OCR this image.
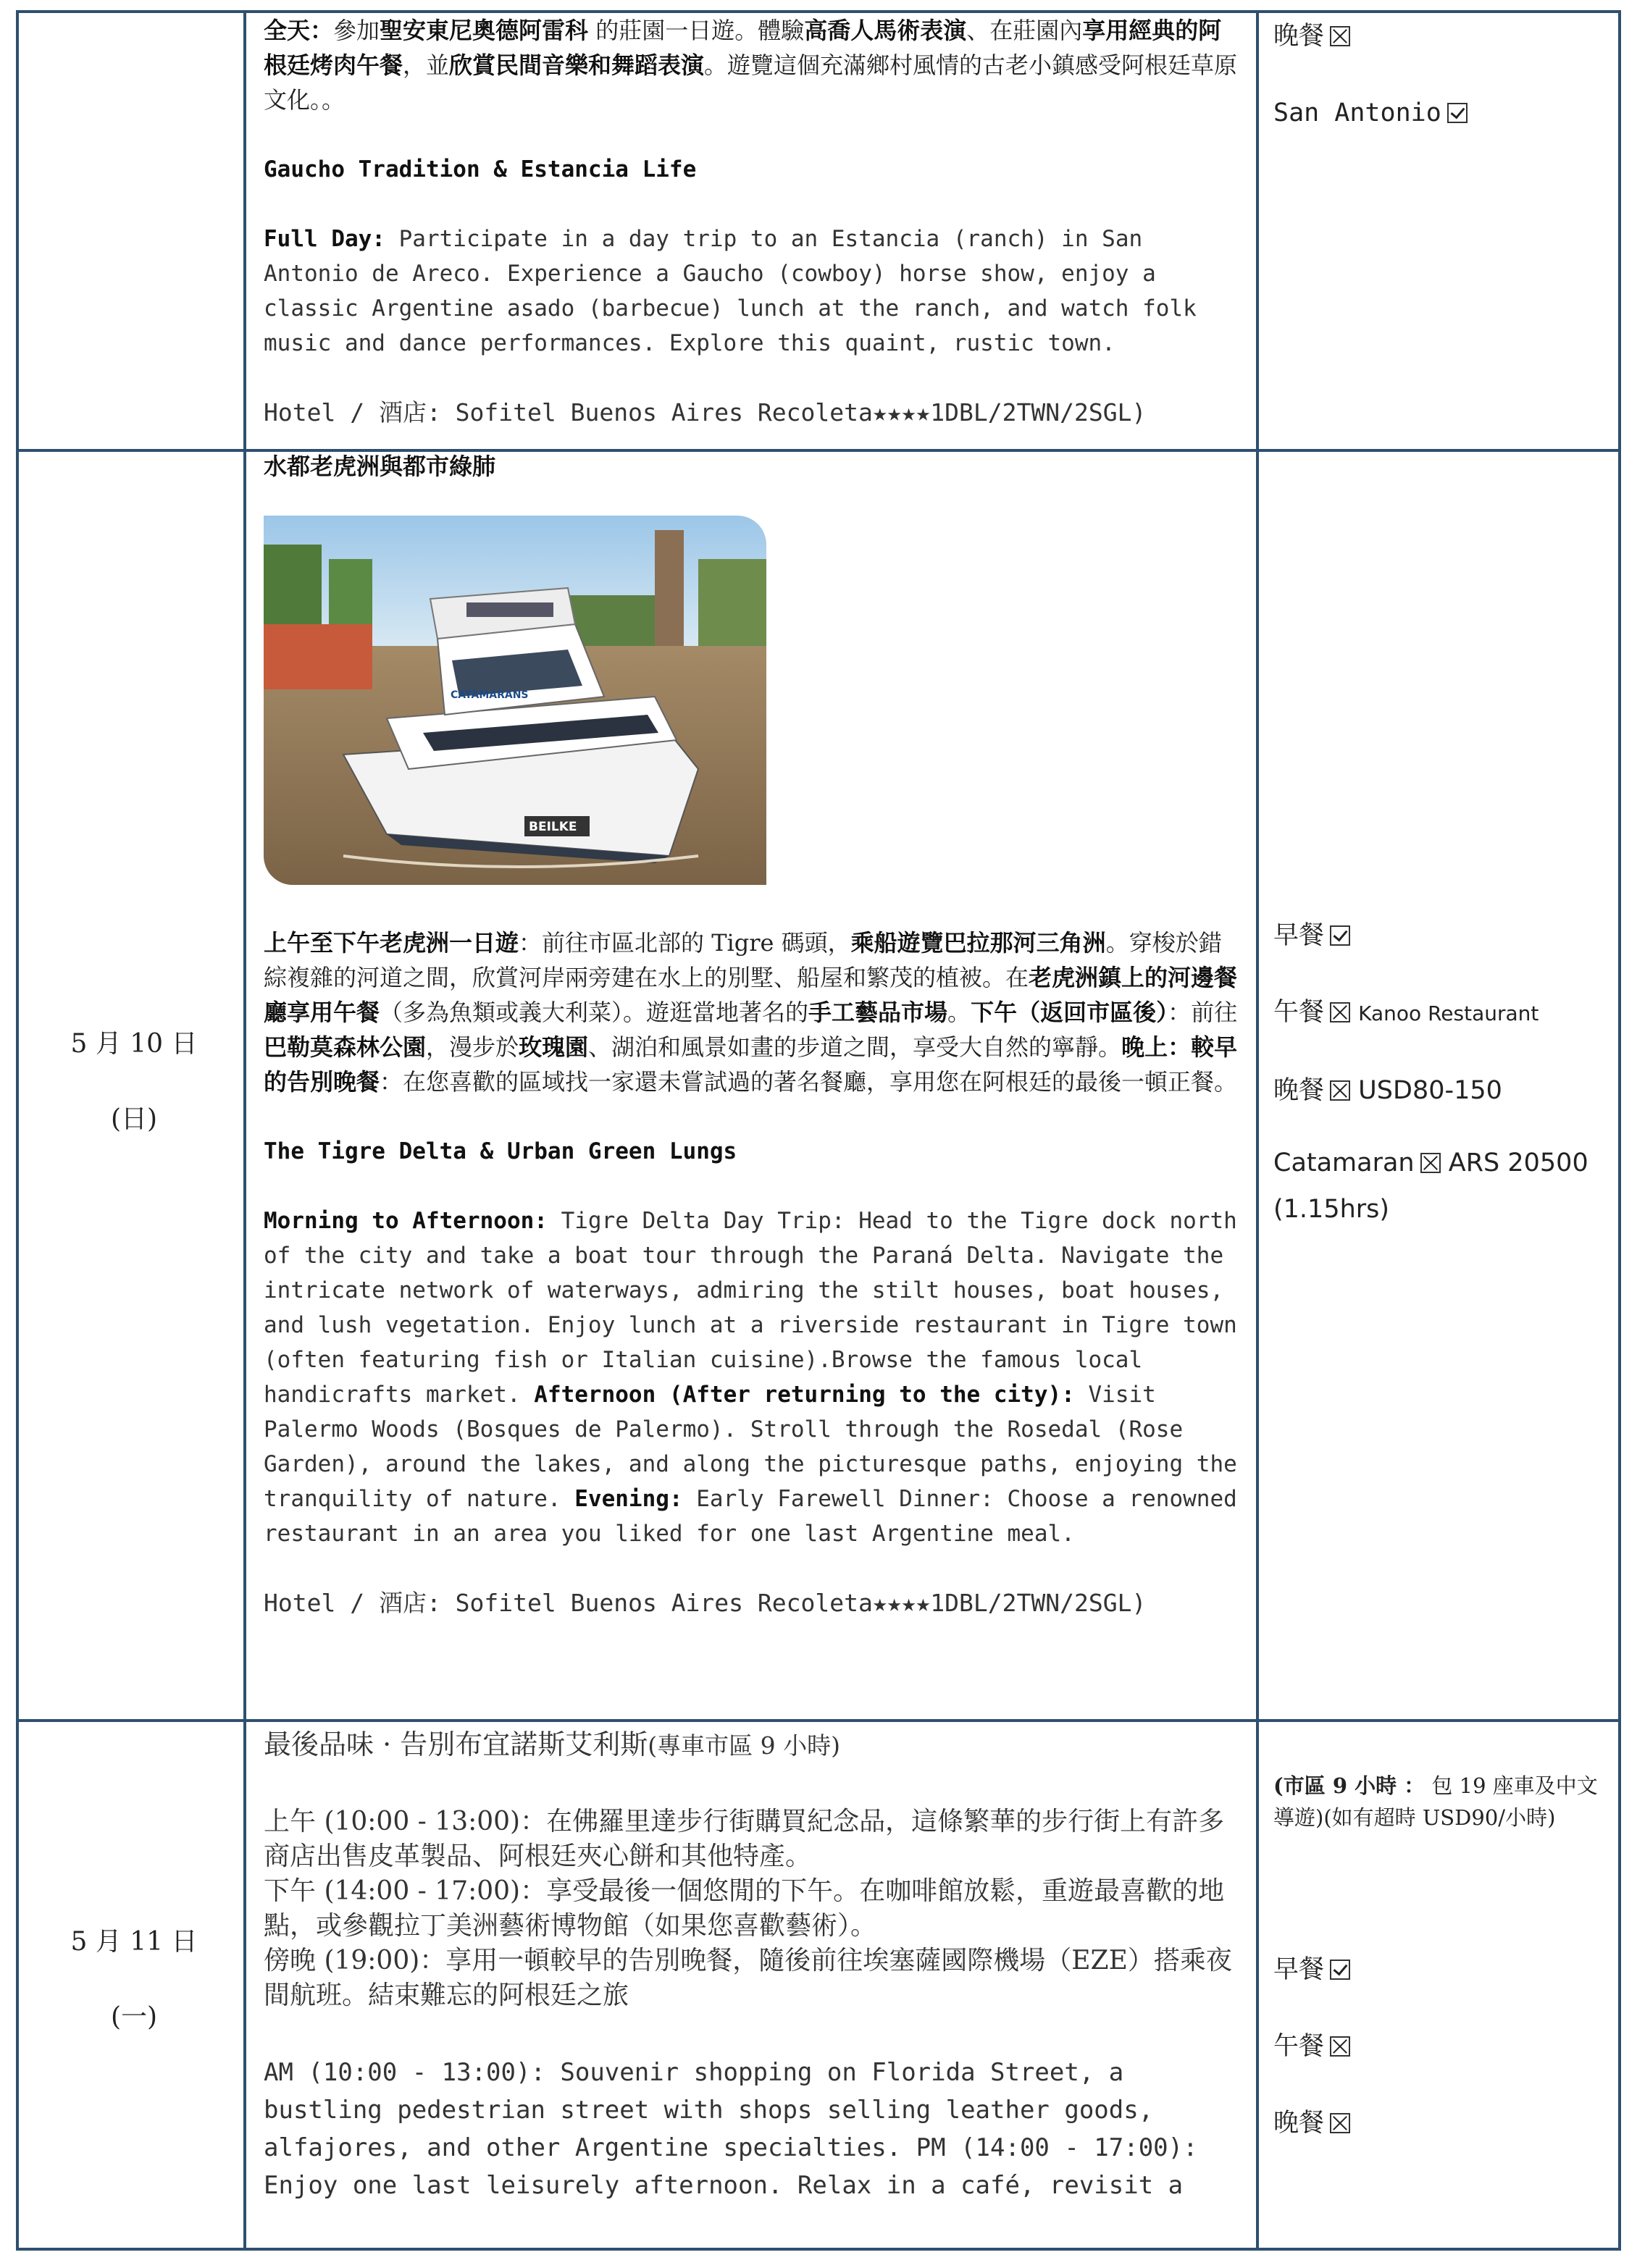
全天：參加聖安東尼奧德阿雷科 的莊園一日遊。體驗高喬人馬術表演、在莊園內享用經典的阿根廷烤肉午餐，並欣賞民間音樂和舞蹈表演。遊覽這個充滿鄉村風情的古老小鎮感受阿根廷草原文化。。

Gaucho Tradition & Estancia Life

Full Day: Participate in a day trip to an Estancia (ranch) in San Antonio de Areco. Experience a Gaucho (cowboy) horse show, enjoy a classic Argentine asado (barbecue) lunch at the ranch, and watch folk music and dance performances. Explore this quaint, rustic town.

Hotel / 酒店: Sofitel Buenos Aires Recoleta★★★★1DBL/2TWN/2SGL)

晚餐

San Antonio

5 月 10 日
(日)

水都老虎洲與都市綠肺

CATAMARANS
BEILKE

上午至下午老虎洲一日遊：前往市區北部的 Tigre 碼頭，乘船遊覽巴拉那河三角洲。穿梭於錯綜複雜的河道之間，欣賞河岸兩旁建在水上的別墅、船屋和繁茂的植被。在老虎洲鎮上的河邊餐廳享用午餐（多為魚類或義大利菜）。遊逛當地著名的手工藝品市場。下午（返回市區後）：前往巴勒莫森林公園，漫步於玫瑰園、湖泊和風景如畫的步道之間，享受大自然的寧靜。晚上：較早的告別晚餐：在您喜歡的區域找一家還未嘗試過的著名餐廳，享用您在阿根廷的最後一頓正餐。

The Tigre Delta & Urban Green Lungs

Morning to Afternoon: Tigre Delta Day Trip: Head to the Tigre dock north of the city and take a boat tour through the Paraná Delta. Navigate the intricate network of waterways, admiring the stilt houses, boat houses, and lush vegetation. Enjoy lunch at a riverside restaurant in Tigre town (often featuring fish or Italian cuisine).Browse the famous local handicrafts market. Afternoon (After returning to the city): Visit Palermo Woods (Bosques de Palermo). Stroll through the Rosedal (Rose Garden), around the lakes, and along the picturesque paths, enjoying the tranquility of nature. Evening: Early Farewell Dinner: Choose a renowned restaurant in an area you liked for one last Argentine meal.

Hotel / 酒店: Sofitel Buenos Aires Recoleta★★★★1DBL/2TWN/2SGL)

早餐

午餐 ☒ Kanoo Restaurant

晚餐 ☒ USD80-150

Catamaran ☒ ARS 20500 (1.15hrs)

5 月 11 日
(一)

最後品味 · 告別布宜諾斯艾利斯(專車市區 9 小時)

上午 (10:00 - 13:00)：在佛羅里達步行街購買紀念品，這條繁華的步行街上有許多商店出售皮革製品、阿根廷夾心餅和其他特產。

下午 (14:00 - 17:00)：享受最後一個悠閒的下午。在咖啡館放鬆，重遊最喜歡的地點，或參觀拉丁美洲藝術博物館（如果您喜歡藝術）。

傍晚 (19:00)：享用一頓較早的告別晚餐，隨後前往埃塞薩國際機場（EZE）搭乘夜間航班。結束難忘的阿根廷之旅

AM (10:00 - 13:00): Souvenir shopping on Florida Street, a bustling pedestrian street with shops selling leather goods, alfajores, and other Argentine specialties. PM (14:00 - 17:00): Enjoy one last leisurely afternoon. Relax in a café, revisit a

(市區 9 小時 ： 包 19 座車及中文導遊)(如有超時 USD90/小時)

早餐

午餐

晚餐
